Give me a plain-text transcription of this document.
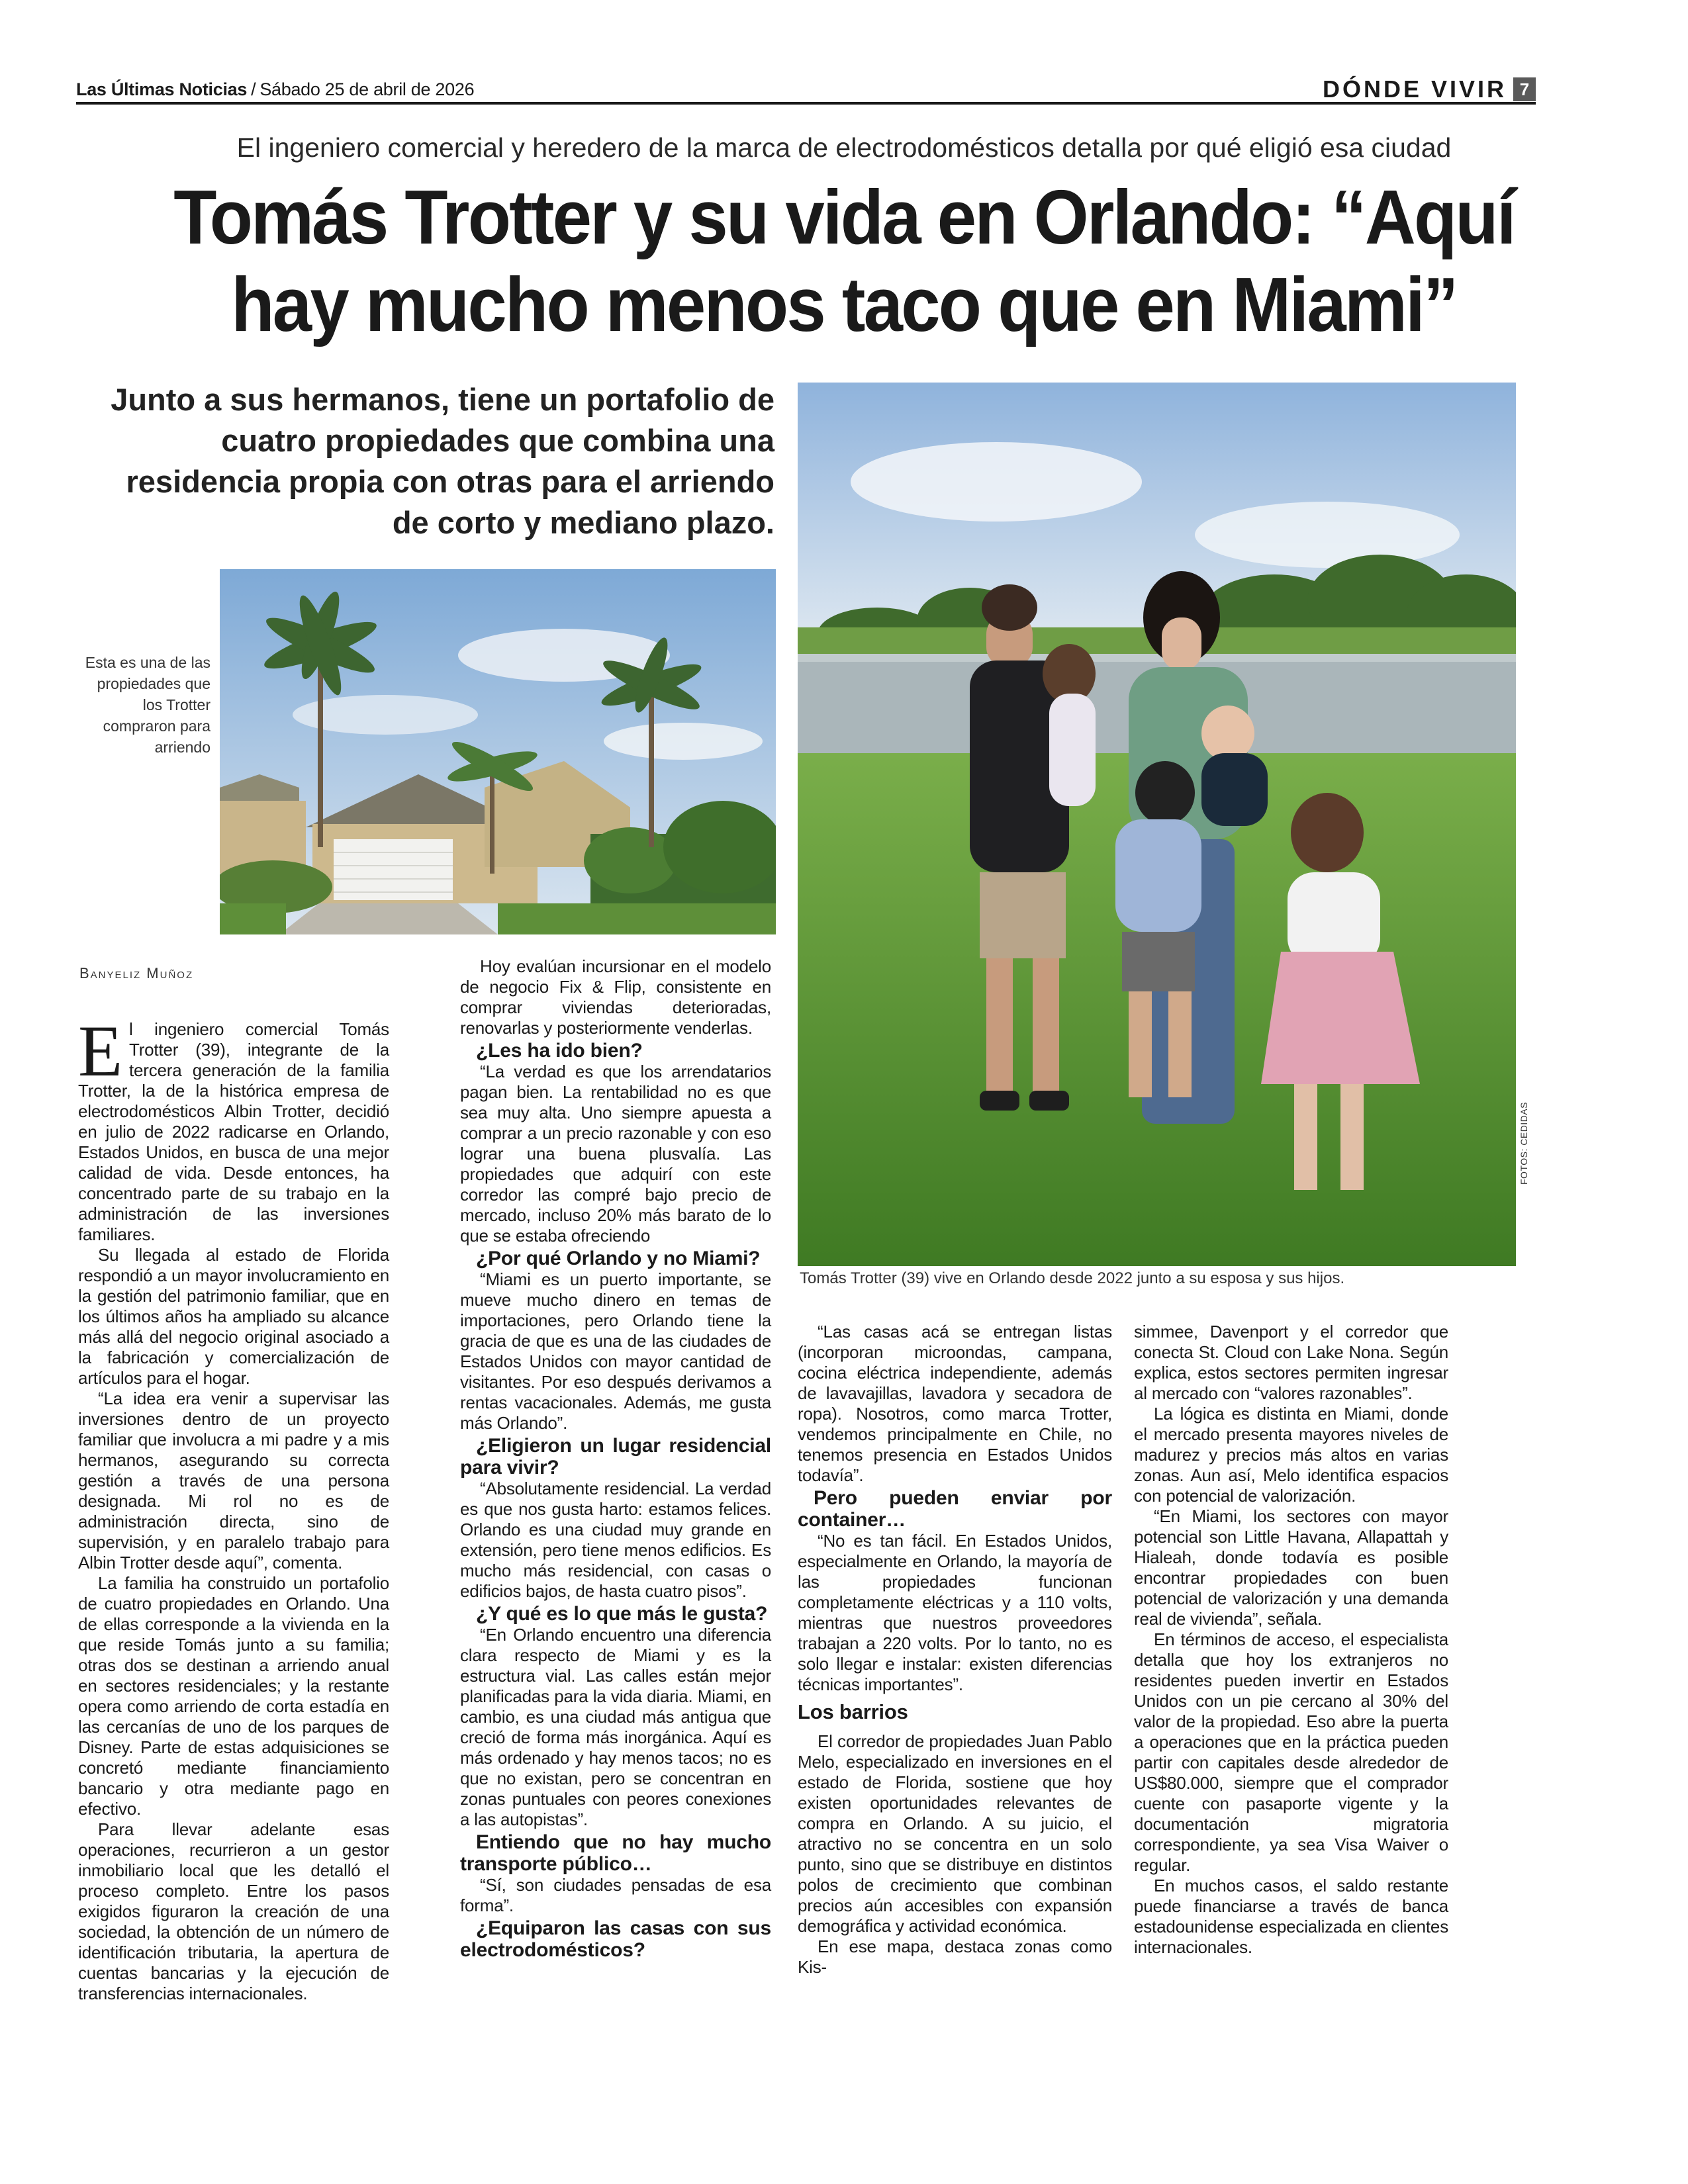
Las Últimas Noticias / Sábado 25 de abril de 2026	DÓNDE VIVIR 7
El ingeniero comercial y heredero de la marca de electrodomésticos detalla por qué eligió esa ciudad
Tomás Trotter y su vida en Orlando: “Aquí
hay mucho menos taco que en Miami”
Junto a sus hermanos, tiene un portafolio de cuatro propiedades que combina una residencia propia con otras para el arriendo de corto y mediano plazo.
Esta es una de las propiedades que los Trotter compraron para arriendo
Tomás Trotter (39) vive en Orlando desde 2022 junto a su esposa y sus hijos.
FOTOS: CEDIDAS
Banyeliz Muñoz

El ingeniero comercial Tomás Trotter (39), integrante de la tercera generación de la familia Trotter, la de la histórica empresa de electrodomésticos Albin Trotter, decidió en julio de 2022 radicarse en Orlando, Estados Unidos, en busca de una mejor calidad de vida. Desde entonces, ha concentrado parte de su trabajo en la administración de las inversiones familiares.

Su llegada al estado de Florida respondió a un mayor involucramiento en la gestión del patrimonio familiar, que en los últimos años ha ampliado su alcance más allá del negocio original asociado a la fabricación y comercialización de artículos para el hogar.

“La idea era venir a supervisar las inversiones dentro de un proyecto familiar que involucra a mi padre y a mis hermanos, asegurando su correcta gestión a través de una persona designada. Mi rol no es de administración directa, sino de supervisión, y en paralelo trabajo para Albin Trotter desde aquí”, comenta.

La familia ha construido un portafolio de cuatro propiedades en Orlando. Una de ellas corresponde a la vivienda en la que reside Tomás junto a su familia; otras dos se destinan a arriendo anual en sectores residenciales; y la restante opera como arriendo de corta estadía en las cercanías de uno de los parques de Disney. Parte de estas adquisiciones se concretó mediante financiamiento bancario y otra mediante pago en efectivo.

Para llevar adelante esas operaciones, recurrieron a un gestor inmobiliario local que les detalló el proceso completo. Entre los pasos exigidos figuraron la creación de una sociedad, la obtención de un número de identificación tributaria, la apertura de cuentas bancarias y la ejecución de transferencias internacionales.

Hoy evalúan incursionar en el modelo de negocio Fix & Flip, consistente en comprar viviendas deterioradas, renovarlas y posteriormente venderlas.

¿Les ha ido bien?

“La verdad es que los arrendatarios pagan bien. La rentabilidad no es que sea muy alta. Uno siempre apuesta a comprar a un precio razonable y con eso lograr una buena plusvalía. Las propiedades que adquirí con este corredor las compré bajo precio de mercado, incluso 20% más barato de lo que se estaba ofreciendo

¿Por qué Orlando y no Miami?

“Miami es un puerto importante, se mueve mucho dinero en temas de importaciones, pero Orlando tiene la gracia de que es una de las ciudades de Estados Unidos con mayor cantidad de visitantes. Por eso después derivamos a rentas vacacionales. Además, me gusta más Orlando”.

¿Eligieron un lugar residencial para vivir?

“Absolutamente residencial. La verdad es que nos gusta harto: estamos felices. Orlando es una ciudad muy grande en extensión, pero tiene menos edificios. Es mucho más residencial, con casas o edificios bajos, de hasta cuatro pisos”.

¿Y qué es lo que más le gusta?

“En Orlando encuentro una diferencia clara respecto de Miami y es la estructura vial. Las calles están mejor planificadas para la vida diaria. Miami, en cambio, es una ciudad más antigua que creció de forma más inorgánica. Aquí es más ordenado y hay menos tacos; no es que no existan, pero se concentran en zonas puntuales con peores conexiones a las autopistas”.

Entiendo que no hay mucho transporte público…

“Sí, son ciudades pensadas de esa forma”.

¿Equiparon las casas con sus electrodomésticos?

“Las casas acá se entregan listas (incorporan microondas, campana, cocina eléctrica independiente, además de lavavajillas, lavadora y secadora de ropa). Nosotros, como marca Trotter, vendemos principalmente en Chile, no tenemos presencia en Estados Unidos todavía”.

Pero pueden enviar por container…

“No es tan fácil. En Estados Unidos, especialmente en Orlando, la mayoría de las propiedades funcionan completamente eléctricas y a 110 volts, mientras que nuestros proveedores trabajan a 220 volts. Por lo tanto, no es solo llegar e instalar: existen diferencias técnicas importantes”.

Los barrios

El corredor de propiedades Juan Pablo Melo, especializado en inversiones en el estado de Florida, sostiene que hoy existen oportunidades relevantes de compra en Orlando. A su juicio, el atractivo no se concentra en un solo punto, sino que se distribuye en distintos polos de crecimiento que combinan precios aún accesibles con expansión demográfica y actividad económica.

En ese mapa, destaca zonas como Kis-

simmee, Davenport y el corredor que conecta St. Cloud con Lake Nona. Según explica, estos sectores permiten ingresar al mercado con “valores razonables”.

La lógica es distinta en Miami, donde el mercado presenta mayores niveles de madurez y precios más altos en varias zonas. Aun así, Melo identifica espacios con potencial de valorización.

“En Miami, los sectores con mayor potencial son Little Havana, Allapattah y Hialeah, donde todavía es posible encontrar propiedades con buen potencial de valorización y una demanda real de vivienda”, señala.

En términos de acceso, el especialista detalla que hoy los extranjeros no residentes pueden invertir en Estados Unidos con un pie cercano al 30% del valor de la propiedad. Eso abre la puerta a operaciones que en la práctica pueden partir con capitales desde alrededor de US$80.000, siempre que el comprador cuente con pasaporte vigente y la documentación migratoria correspondiente, ya sea Visa Waiver o regular.

En muchos casos, el saldo restante puede financiarse a través de banca estadounidense especializada en clientes internacionales.
